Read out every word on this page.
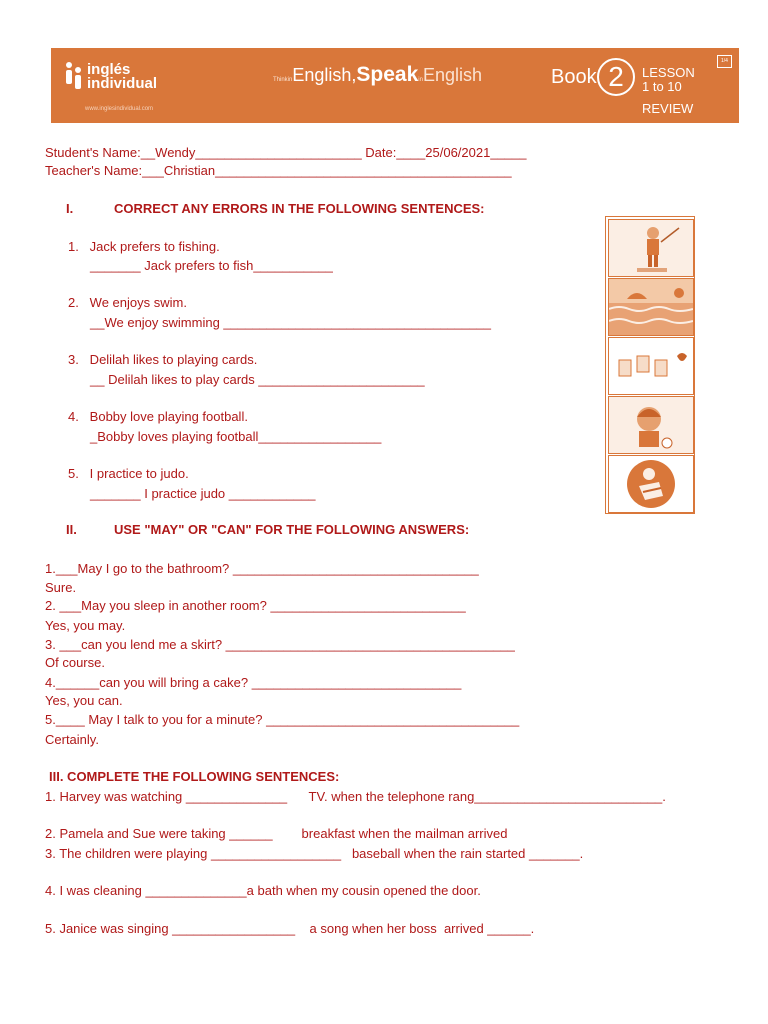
inglés
individual
www.inglesindividual.com
ThinkinEnglish,SpeakinEnglish	Book 2	LESSON
1 to 10
REVIEW
1/4
Student's Name:__Wendy_______________________ Date:____25/06/2021_____
Teacher's Name:___Christian_________________________________________
I.	CORRECT ANY ERRORS IN THE FOLLOWING SENTENCES:
1.   Jack prefers to fishing.
_______ Jack prefers to fish___________
2.   We enjoys swim.
__We enjoy swimming _____________________________________
3.   Delilah likes to playing cards.
__ Delilah likes to play cards _______________________
4.   Bobby love playing football.
_Bobby loves playing football_________________
5.   I practice to judo.
_______ I practice judo ____________
II.	USE "MAY" OR "CAN" FOR THE FOLLOWING ANSWERS:
1.___May I go to the bathroom? __________________________________
Sure.
2. ___May you sleep in another room? ___________________________
Yes, you may.
3. ___can you lend me a skirt? ________________________________________
Of course.
4.______can you will bring a cake? _____________________________
Yes, you can.
5.____ May I talk to you for a minute? ___________________________________
Certainly.
III. COMPLETE THE FOLLOWING SENTENCES:
1. Harvey was watching ______________      TV. when the telephone rang__________________________.
2. Pamela and Sue were taking ______        breakfast when the mailman arrived
3. The children were playing __________________   baseball when the rain started _______.
4. I was cleaning ______________a bath when my cousin opened the door.
5. Janice was singing _________________    a song when her boss  arrived ______.
